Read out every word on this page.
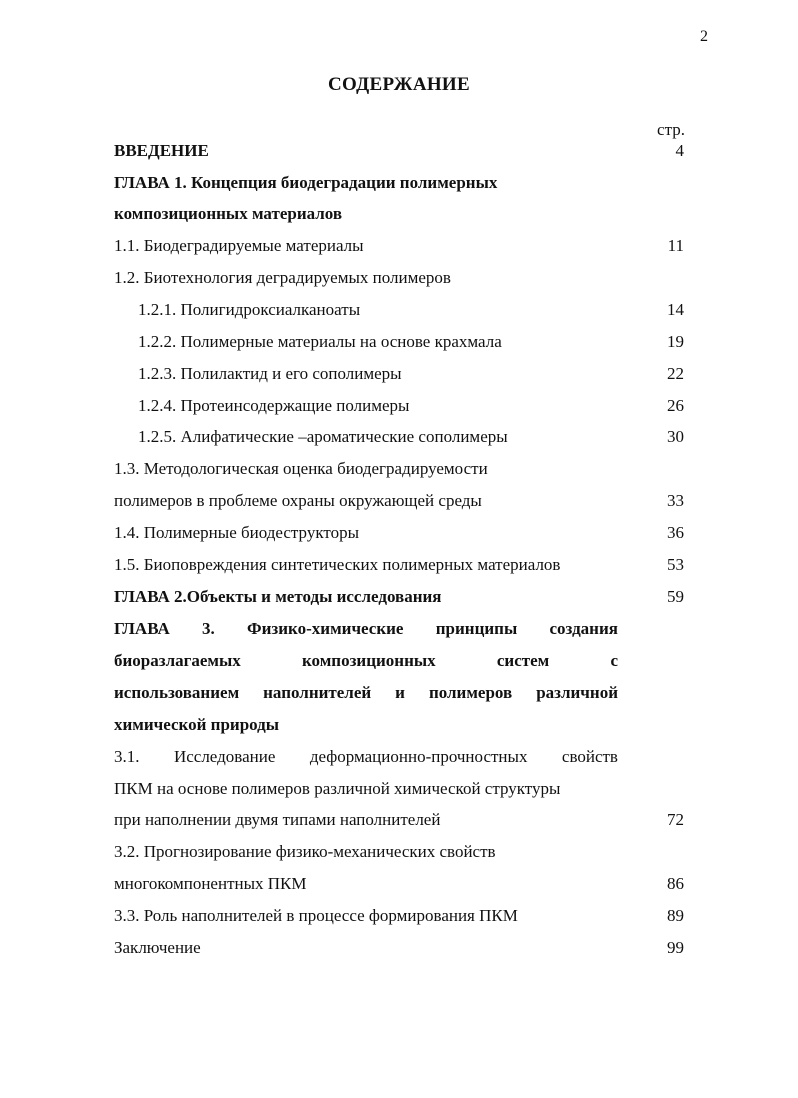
2
СОДЕРЖАНИЕ
стр.
ВВЕДЕНИЕ	4
ГЛАВА 1. Концепция биодеградации полимерных
композиционных материалов
1.1. Биодеградируемые материалы	11
1.2. Биотехнология деградируемых полимеров
1.2.1. Полигидроксиалканоаты	14
1.2.2. Полимерные материалы на основе крахмала	19
1.2.3. Полилактид и его сополимеры	22
1.2.4. Протеинсодержащие полимеры	26
1.2.5. Алифатические –ароматические сополимеры	30
1.3. Методологическая оценка биодеградируемости
полимеров в проблеме охраны окружающей среды	33
1.4. Полимерные биодеструкторы	36
1.5. Биоповреждения синтетических полимерных материалов	53
ГЛАВА 2.Объекты и методы исследования	59
ГЛАВА 3. Физико-химические принципы создания
биоразлагаемых	композиционных	систем	с
использованием наполнителей и полимеров различной
химической природы
3.1. Исследование деформационно-прочностных свойств
ПКМ на основе полимеров различной химической структуры
при наполнении двумя типами наполнителей	72
3.2. Прогнозирование физико-механических свойств
многокомпонентных ПКМ	86
3.3. Роль наполнителей в процессе формирования ПКМ	89
Заключение	99
